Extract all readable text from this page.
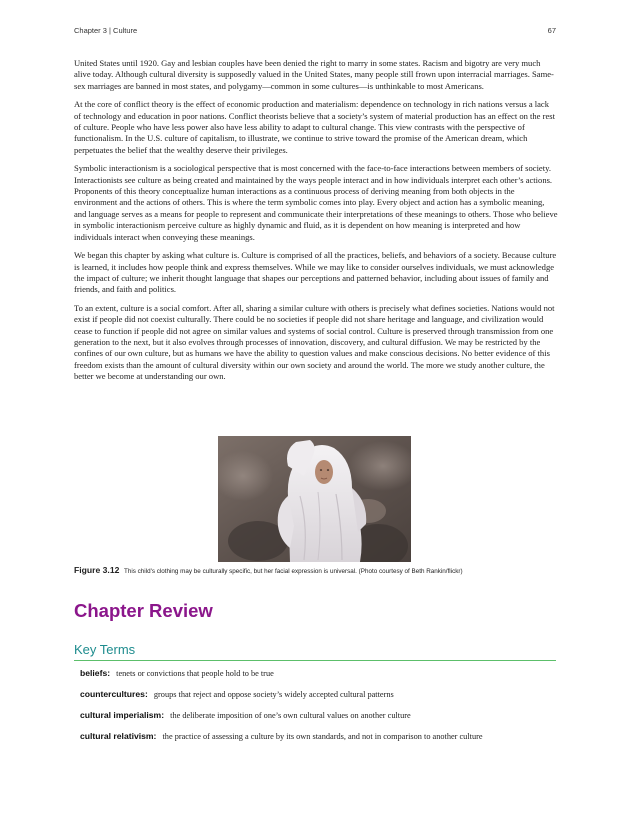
Chapter 3 | Culture	67

United States until 1920. Gay and lesbian couples have been denied the right to marry in some states. Racism and bigotry are very much alive today. Although cultural diversity is supposedly valued in the United States, many people still frown upon interracial marriages. Same-sex marriages are banned in most states, and polygamy—common in some cultures—is unthinkable to most Americans.

At the core of conflict theory is the effect of economic production and materialism: dependence on technology in rich nations versus a lack of technology and education in poor nations. Conflict theorists believe that a society’s system of material production has an effect on the rest of culture. People who have less power also have less ability to adapt to cultural change. This view contrasts with the perspective of functionalism. In the U.S. culture of capitalism, to illustrate, we continue to strive toward the promise of the American dream, which perpetuates the belief that the wealthy deserve their privileges.

Symbolic interactionism is a sociological perspective that is most concerned with the face-to-face interactions between members of society. Interactionists see culture as being created and maintained by the ways people interact and in how individuals interpret each other’s actions. Proponents of this theory conceptualize human interactions as a continuous process of deriving meaning from both objects in the environment and the actions of others. This is where the term symbolic comes into play. Every object and action has a symbolic meaning, and language serves as a means for people to represent and communicate their interpretations of these meanings to others. Those who believe in symbolic interactionism perceive culture as highly dynamic and fluid, as it is dependent on how meaning is interpreted and how individuals interact when conveying these meanings.

We began this chapter by asking what culture is. Culture is comprised of all the practices, beliefs, and behaviors of a society. Because culture is learned, it includes how people think and express themselves. While we may like to consider ourselves individuals, we must acknowledge the impact of culture; we inherit thought language that shapes our perceptions and patterned behavior, including about issues of family and friends, and faith and politics.

To an extent, culture is a social comfort. After all, sharing a similar culture with others is precisely what defines societies. Nations would not exist if people did not coexist culturally. There could be no societies if people did not share heritage and language, and civilization would cease to function if people did not agree on similar values and systems of social control. Culture is preserved through transmission from one generation to the next, but it also evolves through processes of innovation, discovery, and cultural diffusion. We may be restricted by the confines of our own culture, but as humans we have the ability to question values and make conscious decisions. No better evidence of this freedom exists than the amount of cultural diversity within our own society and around the world. The more we study another culture, the better we become at understanding our own.

Figure 3.12 This child's clothing may be culturally specific, but her facial expression is universal. (Photo courtesy of Beth Rankin/flickr)
Chapter Review
Key Terms
beliefs: tenets or convictions that people hold to be true
countercultures: groups that reject and oppose society’s widely accepted cultural patterns
cultural imperialism: the deliberate imposition of one’s own cultural values on another culture
cultural relativism: the practice of assessing a culture by its own standards, and not in comparison to another culture
